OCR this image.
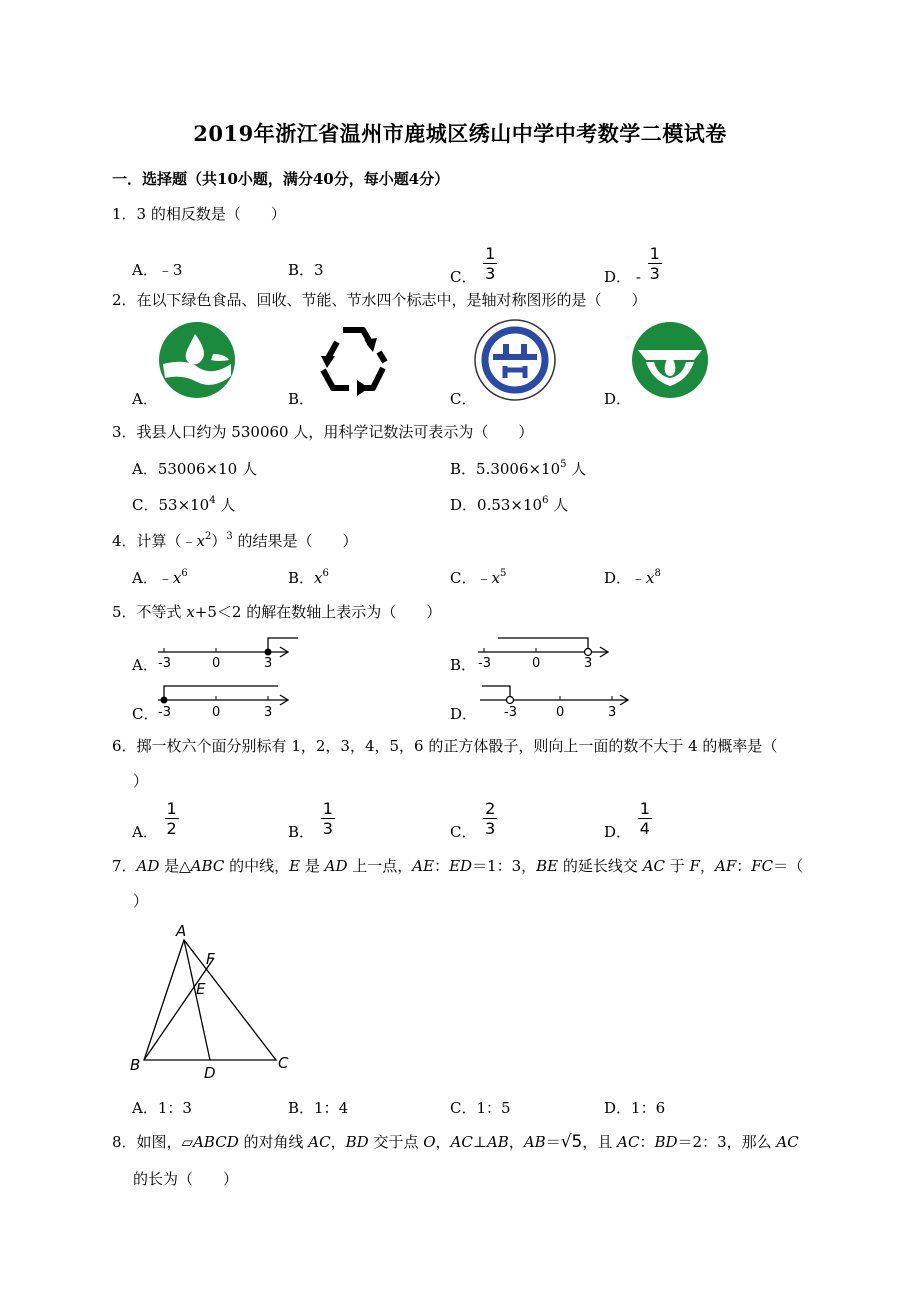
2019年浙江省温州市鹿城区绣山中学中考数学二模试卷
一．选择题（共10小题，满分40分，每小题4分）
1．3 的相反数是（　　）
A．﹣3	B．3	C． $\frac{1}{3}$	D． - $\frac{1}{3}$
2．在以下绿色食品、回收、节能、节水四个标志中，是轴对称图形的是（　　）
A．	B．	C．	D．
3．我县人口约为 530060 人，用科学记数法可表示为（　　）
A．53006×10 人	B．$5.3006\times 10^5$ 人
C．$53\times 10^4$ 人	D．$0.53\times 10^6$ 人
4．计算$(﹣x^2)^3$ 的结果是（　　）
A．$﹣x^6$	B．$x^6$	C．$﹣x^5$	D．$﹣x^8$
5．不等式 x+5＜2 的解在数轴上表示为（　　）
A． -3	0	3	B． -3	0	3
C． -3	0	3	D． -3	0	3
6．掷一枚六个面分别标有 1，2，3，4，5，6 的正方体骰子，则向上一面的数不大于 4 的概率是（
）
A． $\frac{1}{2}$	B． $\frac{1}{3}$	C． $\frac{2}{3}$	D． $\frac{1}{4}$
7．AD 是△ABC 的中线，E 是 AD 上一点，AE：ED＝1：3，BE 的延长线交 AC 于 F，AF：FC＝（
）
A
B	C
D
E
F
A．1：3	B．1：4	C．1：5	D．1：6
8．如图，▱ABCD 的对角线 AC，BD 交于点 O，AC⊥AB，AB＝√5，且 AC：BD＝2：3，那么 AC
的长为（　　）
